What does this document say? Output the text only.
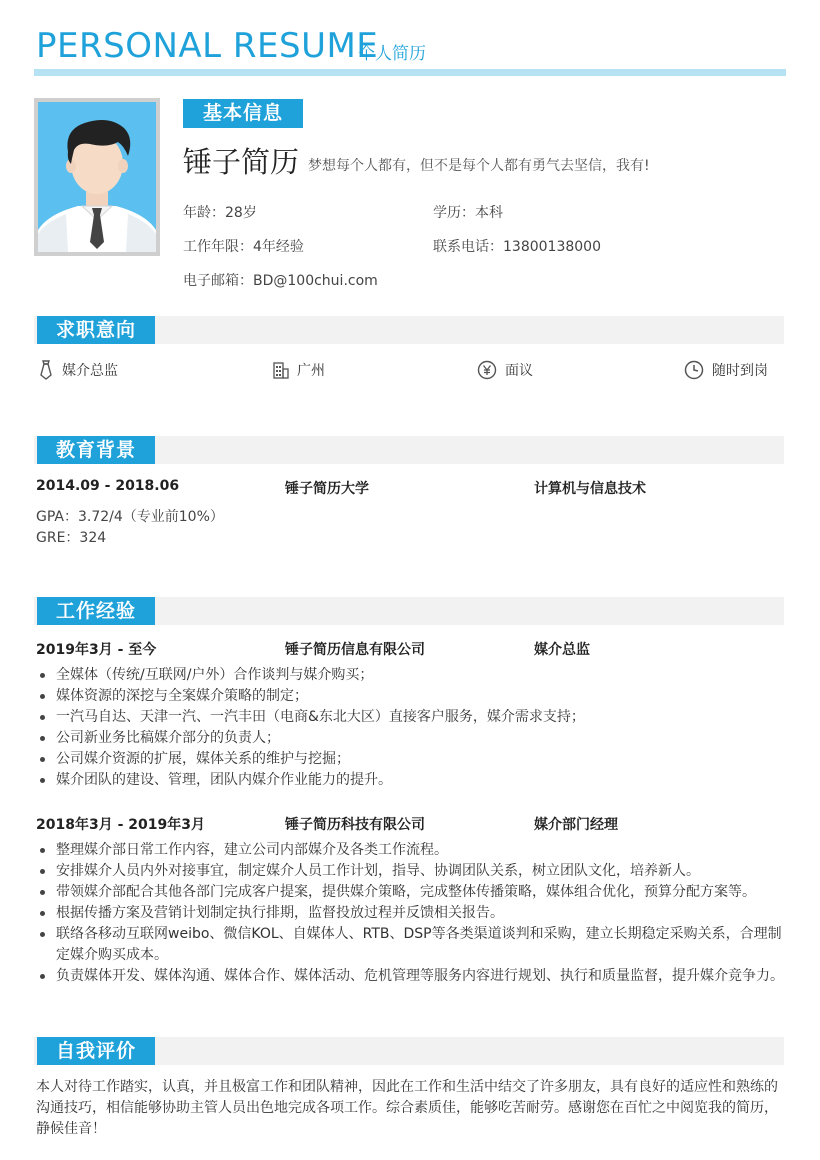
PERSONAL RESUME
个人简历
基本信息
锤子简历 梦想每个人都有，但不是每个人都有勇气去坚信，我有!
年龄：28岁	学历：本科
工作年限：4年经验	联系电话：13800138000
电子邮箱：BD@100chui.com
求职意向
媒介总监	广州	面议	随时到岗
教育背景
2014.09 - 2018.06	锤子简历大学	计算机与信息技术
GPA：3.72/4（专业前10%）
GRE：324
工作经验
2019年3月 - 至今	锤子简历信息有限公司	媒介总监
全媒体（传统/互联网/户外）合作谈判与媒介购买；
媒体资源的深挖与全案媒介策略的制定；
一汽马自达、天津一汽、一汽丰田（电商&东北大区）直接客户服务，媒介需求支持；
公司新业务比稿媒介部分的负责人；
公司媒介资源的扩展，媒体关系的维护与挖掘；
媒介团队的建设、管理，团队内媒介作业能力的提升。
2018年3月 - 2019年3月	锤子简历科技有限公司	媒介部门经理
整理媒介部日常工作内容，建立公司内部媒介及各类工作流程。
安排媒介人员内外对接事宜，制定媒介人员工作计划，指导、协调团队关系，树立团队文化，培养新人。
带领媒介部配合其他各部门完成客户提案，提供媒介策略，完成整体传播策略，媒体组合优化，预算分配方案等。
根据传播方案及营销计划制定执行排期，监督投放过程并反馈相关报告。
联络各移动互联网weibo、微信KOL、自媒体人、RTB、DSP等各类渠道谈判和采购，建立长期稳定采购关系，合理制定媒介购买成本。
负责媒体开发、媒体沟通、媒体合作、媒体活动、危机管理等服务内容进行规划、执行和质量监督，提升媒介竞争力。
自我评价
本人对待工作踏实，认真，并且极富工作和团队精神，因此在工作和生活中结交了许多朋友，具有良好的适应性和熟练的沟通技巧，相信能够协助主管人员出色地完成各项工作。综合素质佳，能够吃苦耐劳。感谢您在百忙之中阅览我的简历，静候佳音！
